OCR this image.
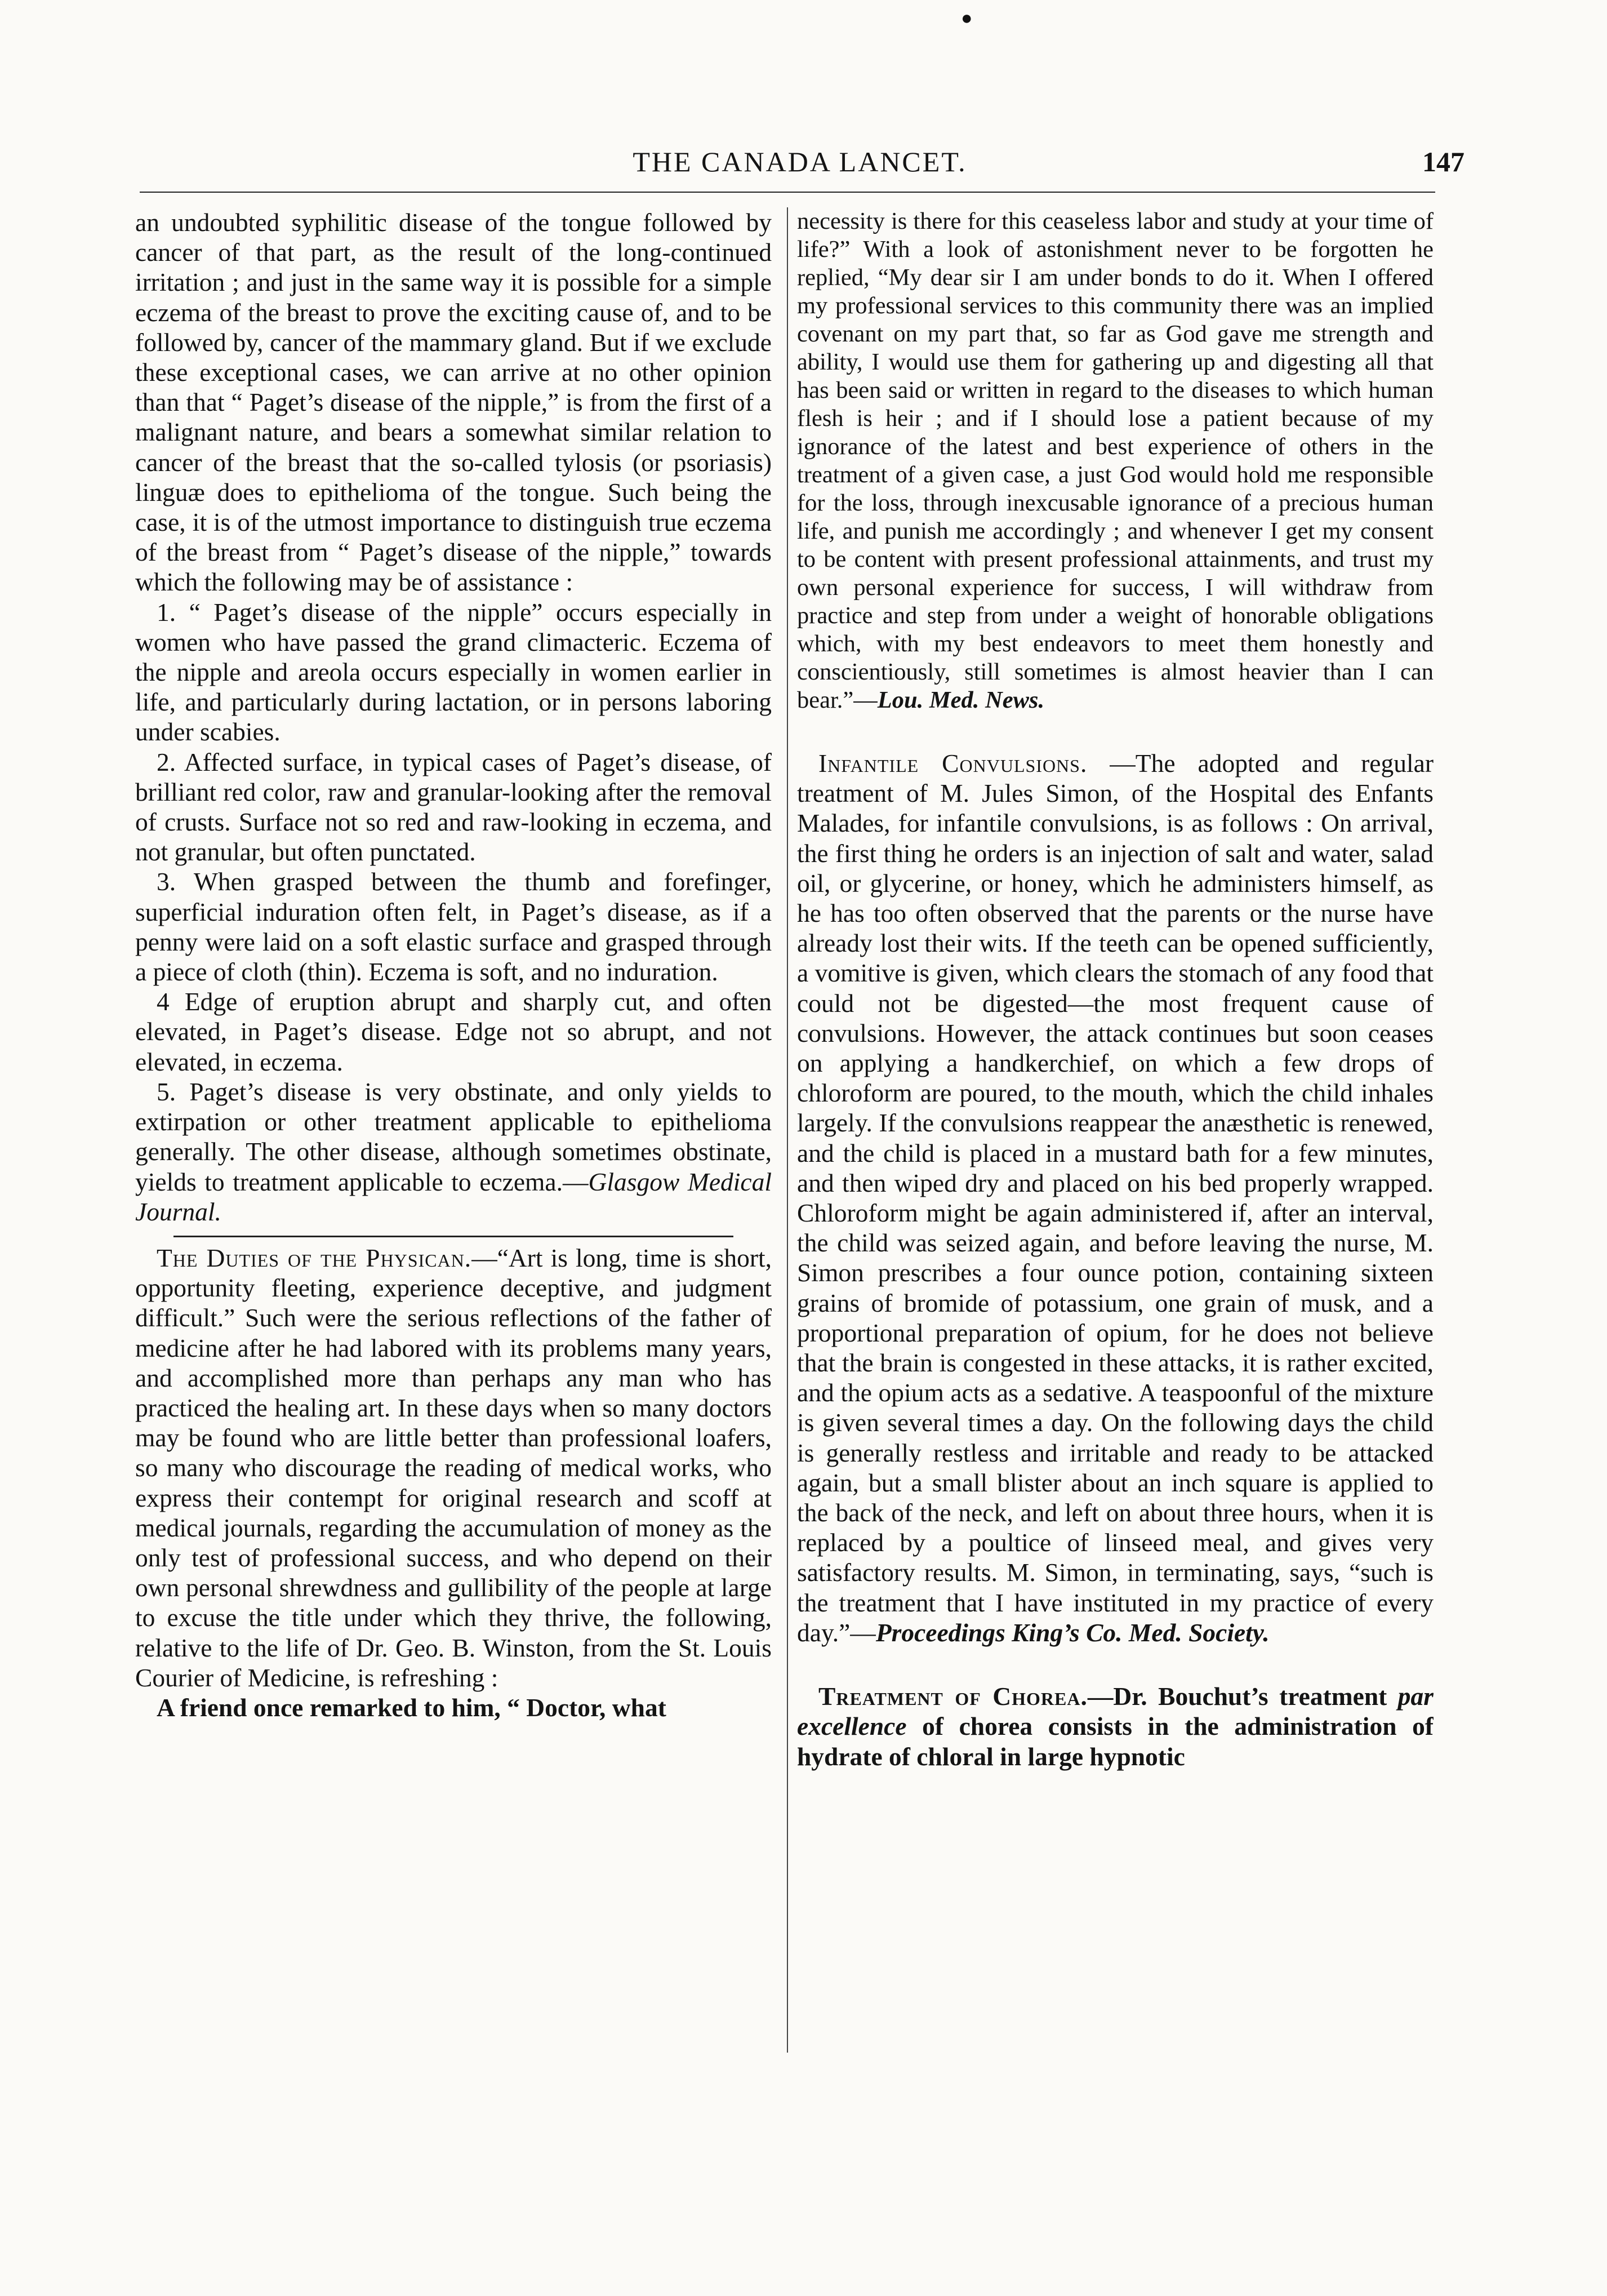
●
THE CANADA LANCET.	147

an undoubted syphilitic disease of the tongue followed by cancer of that part, as the result of the long-continued irritation ; and just in the same way it is possible for a simple eczema of the breast to prove the exciting cause of, and to be followed by, cancer of the mammary gland. But if we exclude these exceptional cases, we can arrive at no other opinion than that “ Paget’s disease of the nipple,” is from the first of a malignant nature, and bears a somewhat similar relation to cancer of the breast that the so-called tylosis (or psoriasis) linguæ does to epithelioma of the tongue. Such being the case, it is of the utmost importance to distinguish true eczema of the breast from “ Paget’s disease of the nipple,” towards which the following may be of assistance :

1. “ Paget’s disease of the nipple” occurs especially in women who have passed the grand climacteric. Eczema of the nipple and areola occurs especially in women earlier in life, and particularly during lactation, or in persons laboring under scabies.

2. Affected surface, in typical cases of Paget’s disease, of brilliant red color, raw and granular-looking after the removal of crusts. Surface not so red and raw-looking in eczema, and not granular, but often punctated.

3. When grasped between the thumb and forefinger, superficial induration often felt, in Paget’s disease, as if a penny were laid on a soft elastic surface and grasped through a piece of cloth (thin). Eczema is soft, and no induration.

4 Edge of eruption abrupt and sharply cut, and often elevated, in Paget’s disease. Edge not so abrupt, and not elevated, in eczema.

5. Paget’s disease is very obstinate, and only yields to extirpation or other treatment applicable to epithelioma generally. The other disease, although sometimes obstinate, yields to treatment applicable to eczema.—Glasgow Medical Journal.

The Duties of the Physican.—“Art is long, time is short, opportunity fleeting, experience deceptive, and judgment difficult.” Such were the serious reflections of the father of medicine after he had labored with its problems many years, and accomplished more than perhaps any man who has practiced the healing art. In these days when so many doctors may be found who are little better than professional loafers, so many who discourage the reading of medical works, who express their contempt for original research and scoff at medical journals, regarding the accumulation of money as the only test of professional success, and who depend on their own personal shrewdness and gullibility of the people at large to excuse the title under which they thrive, the following, relative to the life of Dr. Geo. B. Winston, from the St. Louis Courier of Medicine, is refreshing :

A friend once remarked to him, “ Doctor, what

necessity is there for this ceaseless labor and study at your time of life?” With a look of astonishment never to be forgotten he replied, “My dear sir I am under bonds to do it. When I offered my professional services to this community there was an implied covenant on my part that, so far as God gave me strength and ability, I would use them for gathering up and digesting all that has been said or written in regard to the diseases to which human flesh is heir ; and if I should lose a patient because of my ignorance of the latest and best experience of others in the treatment of a given case, a just God would hold me responsible for the loss, through inexcusable ignorance of a precious human life, and punish me accordingly ; and whenever I get my consent to be content with present professional attainments, and trust my own personal experience for success, I will withdraw from practice and step from under a weight of honorable obligations which, with my best endeavors to meet them honestly and conscientiously, still sometimes is almost heavier than I can bear.”—Lou. Med. News.

Infantile Convulsions. —The adopted and regular treatment of M. Jules Simon, of the Hospital des Enfants Malades, for infantile convulsions, is as follows : On arrival, the first thing he orders is an injection of salt and water, salad oil, or glycerine, or honey, which he administers himself, as he has too often observed that the parents or the nurse have already lost their wits. If the teeth can be opened sufficiently, a vomitive is given, which clears the stomach of any food that could not be digested—the most frequent cause of convulsions. However, the attack continues but soon ceases on applying a handkerchief, on which a few drops of chloroform are poured, to the mouth, which the child inhales largely. If the convulsions reappear the anæsthetic is renewed, and the child is placed in a mustard bath for a few minutes, and then wiped dry and placed on his bed properly wrapped. Chloroform might be again administered if, after an interval, the child was seized again, and before leaving the nurse, M. Simon prescribes a four ounce potion, containing sixteen grains of bromide of potassium, one grain of musk, and a proportional preparation of opium, for he does not believe that the brain is congested in these attacks, it is rather excited, and the opium acts as a sedative. A teaspoonful of the mixture is given several times a day. On the following days the child is generally restless and irritable and ready to be attacked again, but a small blister about an inch square is applied to the back of the neck, and left on about three hours, when it is replaced by a poultice of linseed meal, and gives very satisfactory results. M. Simon, in terminating, says, “such is the treatment that I have instituted in my practice of every day.”—Proceedings King’s Co. Med. Society.

Treatment of Chorea.—Dr. Bouchut’s treatment par excellence of chorea consists in the administration of hydrate of chloral in large hypnotic
